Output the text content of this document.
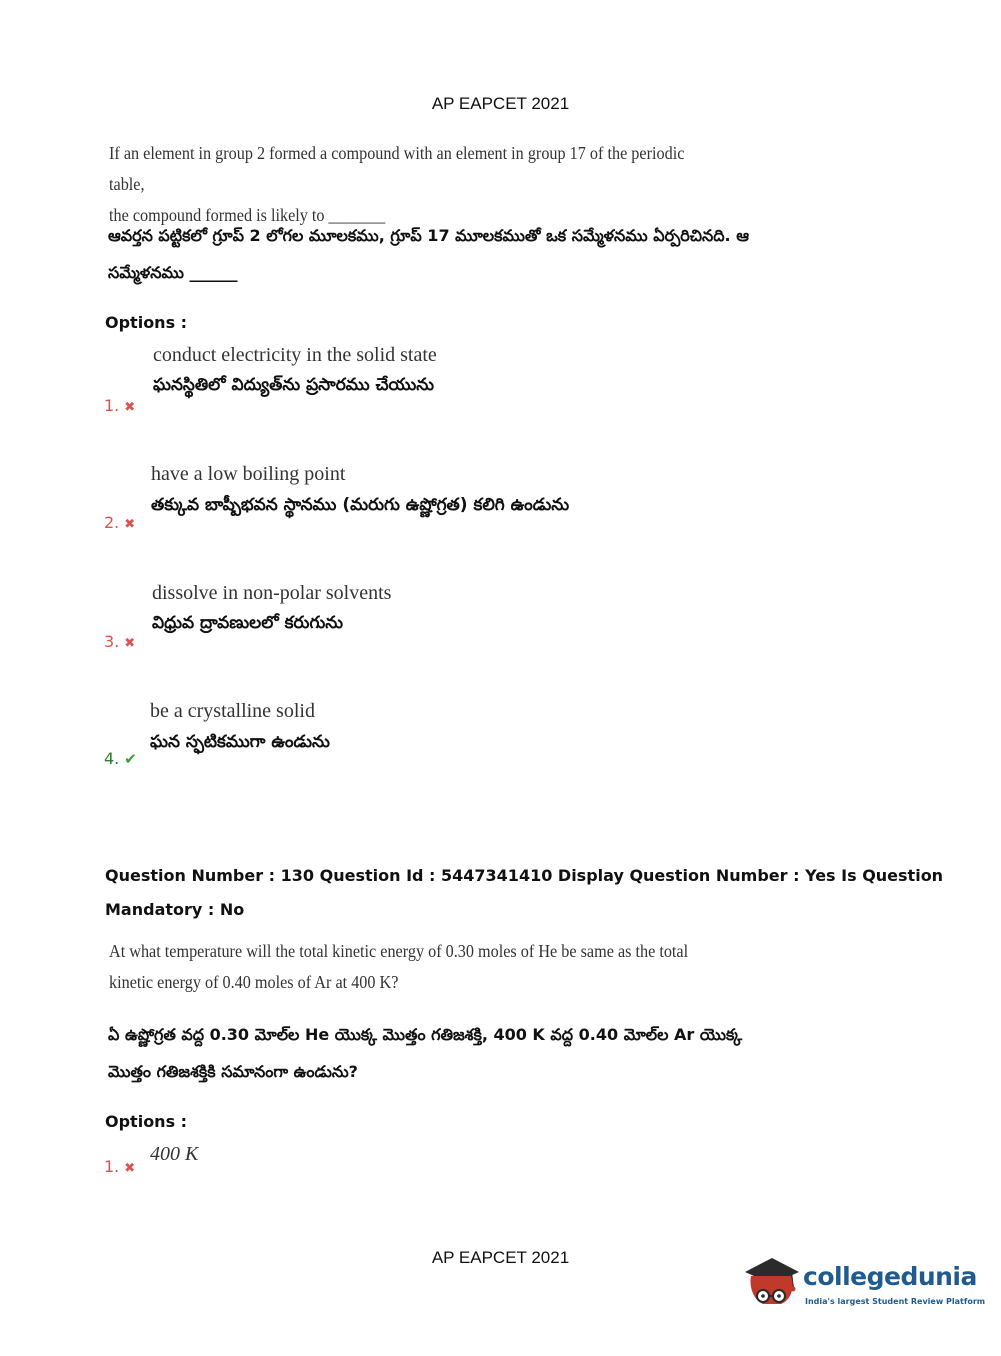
AP EAPCET 2021
If an element in group 2 formed a compound with an element in group 17 of the periodic table,
the compound formed is likely to _______
ఆవర్తన పట్టికలో గ్రూప్ 2 లోగల మూలకము, గ్రూప్ 17 మూలకముతో ఒక సమ్మేళనము ఏర్పరిచినది. ఆ
సమ్మేళనము ______
Options :
conduct electricity in the solid state
ఘనస్థితిలో విద్యుత్‌ను ప్రసారము చేయును
1. ✖
have a low boiling point
తక్కువ బాష్పీభవన స్థానము (మరుగు ఉష్ణోగ్రత) కలిగి ఉండును
2. ✖
dissolve in non-polar solvents
విధ్రువ ద్రావణులలో కరుగును
3. ✖
be a crystalline solid
ఘన స్ఫటికముగా ఉండును
4. ✔
Question Number : 130 Question Id : 5447341410 Display Question Number : Yes Is Question
Mandatory : No
At what temperature will the total kinetic energy of 0.30 moles of He be same as the total
kinetic energy of 0.40 moles of Ar at 400 K?
ఏ ఉష్ణోగ్రత వద్ద 0.30 మోల్‌ల He యొక్క మొత్తం గతిజశక్తి, 400 K వద్ద 0.40 మోల్‌ల Ar యొక్క
మొత్తం గతిజశక్తికి సమానంగా ఉండును?
Options :
400 K
1. ✖
AP EAPCET 2021
collegedunia
India's largest Student Review Platform
